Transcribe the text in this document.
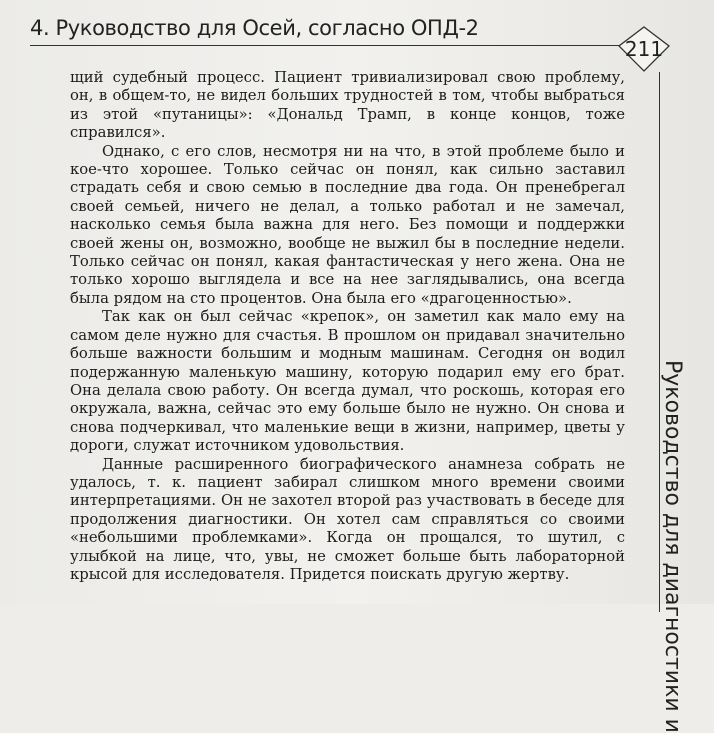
4. Руководство для Осей, согласно ОПД-2
211
Руководство для диагностики и

щий судебный процесс. Пациент тривиализировал свою проблему, он, в общем-то, не видел больших трудностей в том, чтобы выбраться из этой «путаницы»: «Дональд Трамп, в конце концов, тоже справился».

Однако, с его слов, несмотря ни на что, в этой проблеме было и кое-что хорошее. Только сейчас он понял, как сильно заставил страдать себя и свою семью в последние два года. Он пренебрегал своей семьей, ничего не делал, а только работал и не замечал, насколько семья была важна для него. Без помощи и поддержки своей жены он, возможно, вообще не выжил бы в последние недели. Только сейчас он понял, какая фантастическая у него жена. Она не только хорошо выглядела и все на нее заглядывались, она всегда была рядом на сто процентов. Она была его «драгоценностью».

Так как он был сейчас «крепок», он заметил как мало ему на самом деле нужно для счастья. В прошлом он придавал значительно больше важности большим и модным машинам. Сегодня он водил подержанную маленькую машину, которую подарил ему его брат. Она делала свою работу. Он всегда думал, что роскошь, которая его окружала, важна, сейчас это ему больше было не нужно. Он снова и снова подчеркивал, что маленькие вещи в жизни, например, цветы у дороги, служат источником удовольствия.

Данные расширенного биографического анамнеза собрать не удалось, т. к. пациент забирал слишком много времени своими интерпретациями. Он не захотел второй раз участвовать в беседе для продолжения диагностики. Он хотел сам справляться со своими «небольшими проблемками». Когда он прощался, то шутил, с улыбкой на лице, что, увы, не сможет больше быть лабораторной крысой для исследователя. Придется поискать другую жертву.
